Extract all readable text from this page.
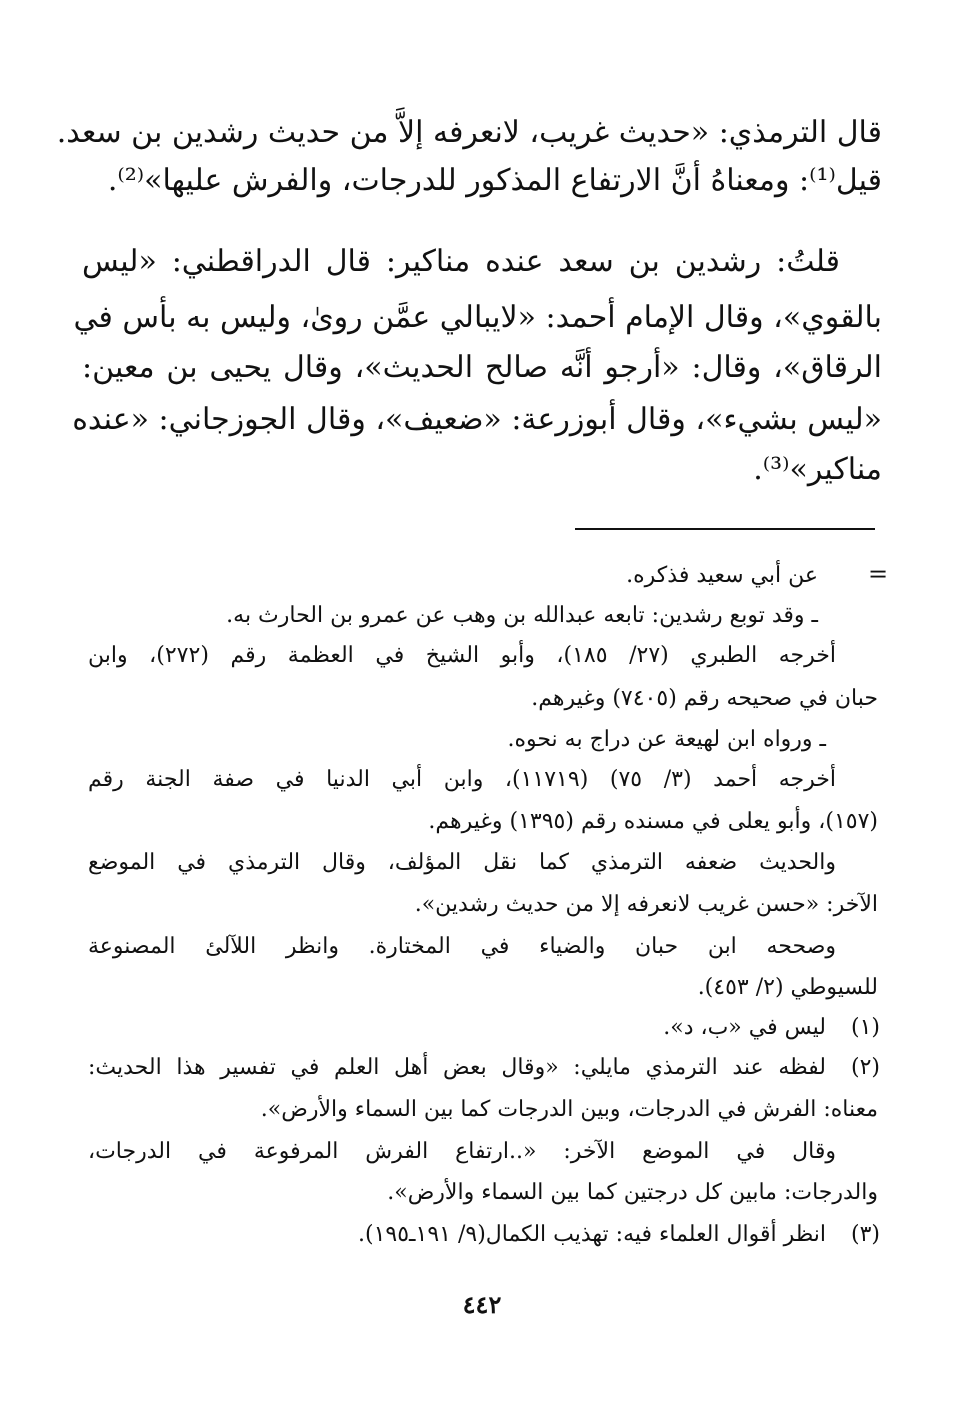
قال الترمذي: «حديث غريب، لانعرفه إلاَّ من حديث رشدين بن سعد.
قيل⁽¹⁾: ومعناهُ أنَّ الارتفاع المذكور للدرجات، والفرش عليها»⁽²⁾.
قلتُ: رشدين بن سعد عنده مناكير: قال الدراقطني: «ليس
بالقوي»، وقال الإمام أحمد: «لايبالي عمَّن روىٰ، وليس به بأس في
الرقاق»، وقال: «أرجو أنَّه صالح الحديث»، وقال يحيى بن معين:
«ليس بشيء»، وقال أبوزرعة: «ضعيف»، وقال الجوزجاني: «عنده
مناكير»⁽³⁾.
=
عن أبي سعيد فذكره.
ـ وقد توبع رشدين: تابعه عبدالله بن وهب عن عمرو بن الحارث به.
أخرجه الطبري (٢٧/ ١٨٥)، وأبو الشيخ في العظمة رقم (٢٧٢)، وابن
حبان في صحيحه رقم (٧٤٠٥) وغيرهم.
ـ ورواه ابن لهيعة عن دراج به نحوه.
أخرجه أحمد (٣/ ٧٥) (١١٧١٩)، وابن أبي الدنيا في صفة الجنة رقم
(١٥٧)، وأبو يعلى في مسنده رقم (١٣٩٥) وغيرهم.
والحديث ضعفه الترمذي كما نقل المؤلف، وقال الترمذي في الموضع
الآخر: «حسن غريب لانعرفه إلا من حديث رشدين».
وصححه ابن حبان والضياء في المختارة. وانظر اللآلئ المصنوعة
للسيوطي (٢/ ٤٥٣).
(١)
(٢)
(٣)
ليس في «ب، د».
لفظه عند الترمذي مايلي: «وقال بعض أهل العلم في تفسير هذا الحديث:
معناه: الفرش في الدرجات، وبين الدرجات كما بين السماء والأرض».
وقال في الموضع الآخر: «..ارتفاع الفرش المرفوعة في الدرجات،
والدرجات: مابين كل درجتين كما بين السماء والأرض».
انظر أقوال العلماء فيه: تهذيب الكمال(٩/ ١٩١ـ١٩٥).
٤٤٢
